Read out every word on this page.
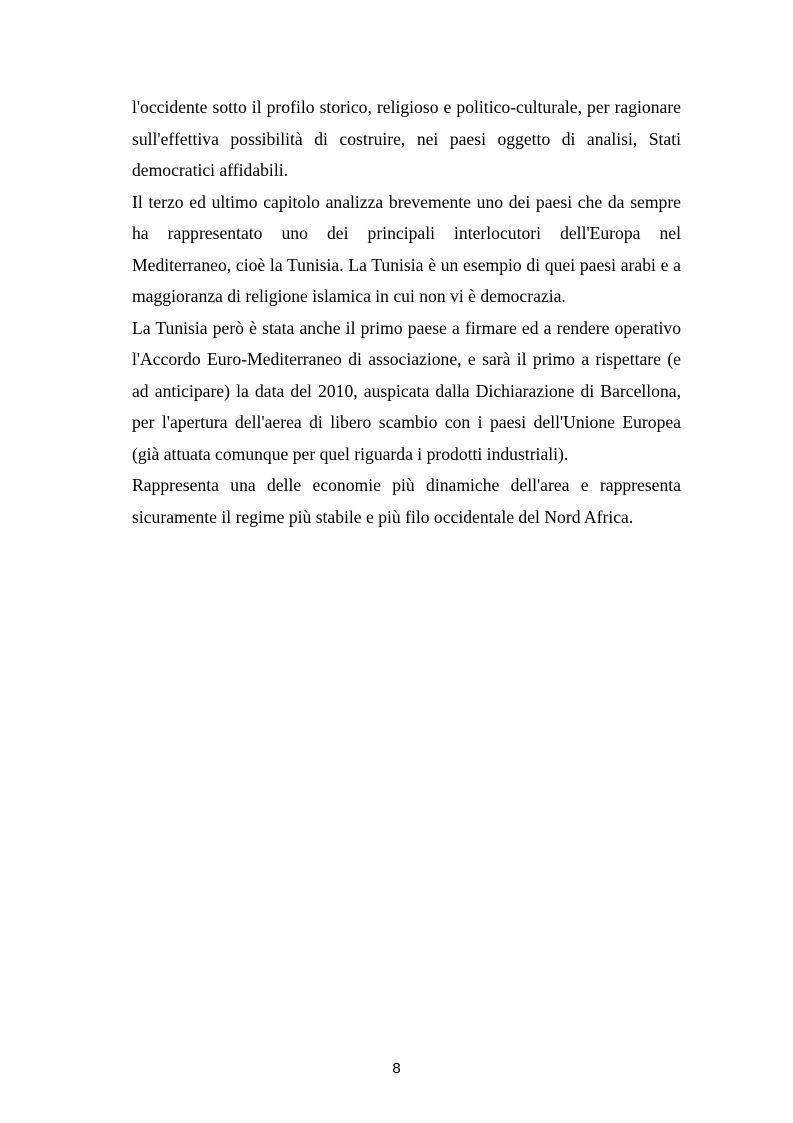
l'occidente sotto il profilo storico, religioso e politico-culturale, per ragionare sull'effettiva possibilità di costruire, nei paesi oggetto di analisi, Stati democratici affidabili.

Il terzo ed ultimo capitolo analizza brevemente uno dei paesi che da sempre ha rappresentato uno dei principali interlocutori dell'Europa nel Mediterraneo, cioè la Tunisia. La Tunisia è un esempio di quei paesi arabi e a maggioranza di religione islamica in cui non vi è democrazia.

La Tunisia però è stata anche il primo paese a firmare ed a rendere operativo l'Accordo Euro-Mediterraneo di associazione, e sarà il primo a rispettare (e ad anticipare) la data del 2010, auspicata dalla Dichiarazione di Barcellona, per l'apertura dell'aerea di libero scambio con i paesi dell'Unione Europea (già attuata comunque per quel riguarda i prodotti industriali).

Rappresenta una delle economie più dinamiche dell'area e rappresenta sicuramente il regime più stabile e più filo occidentale del Nord Africa.

8
